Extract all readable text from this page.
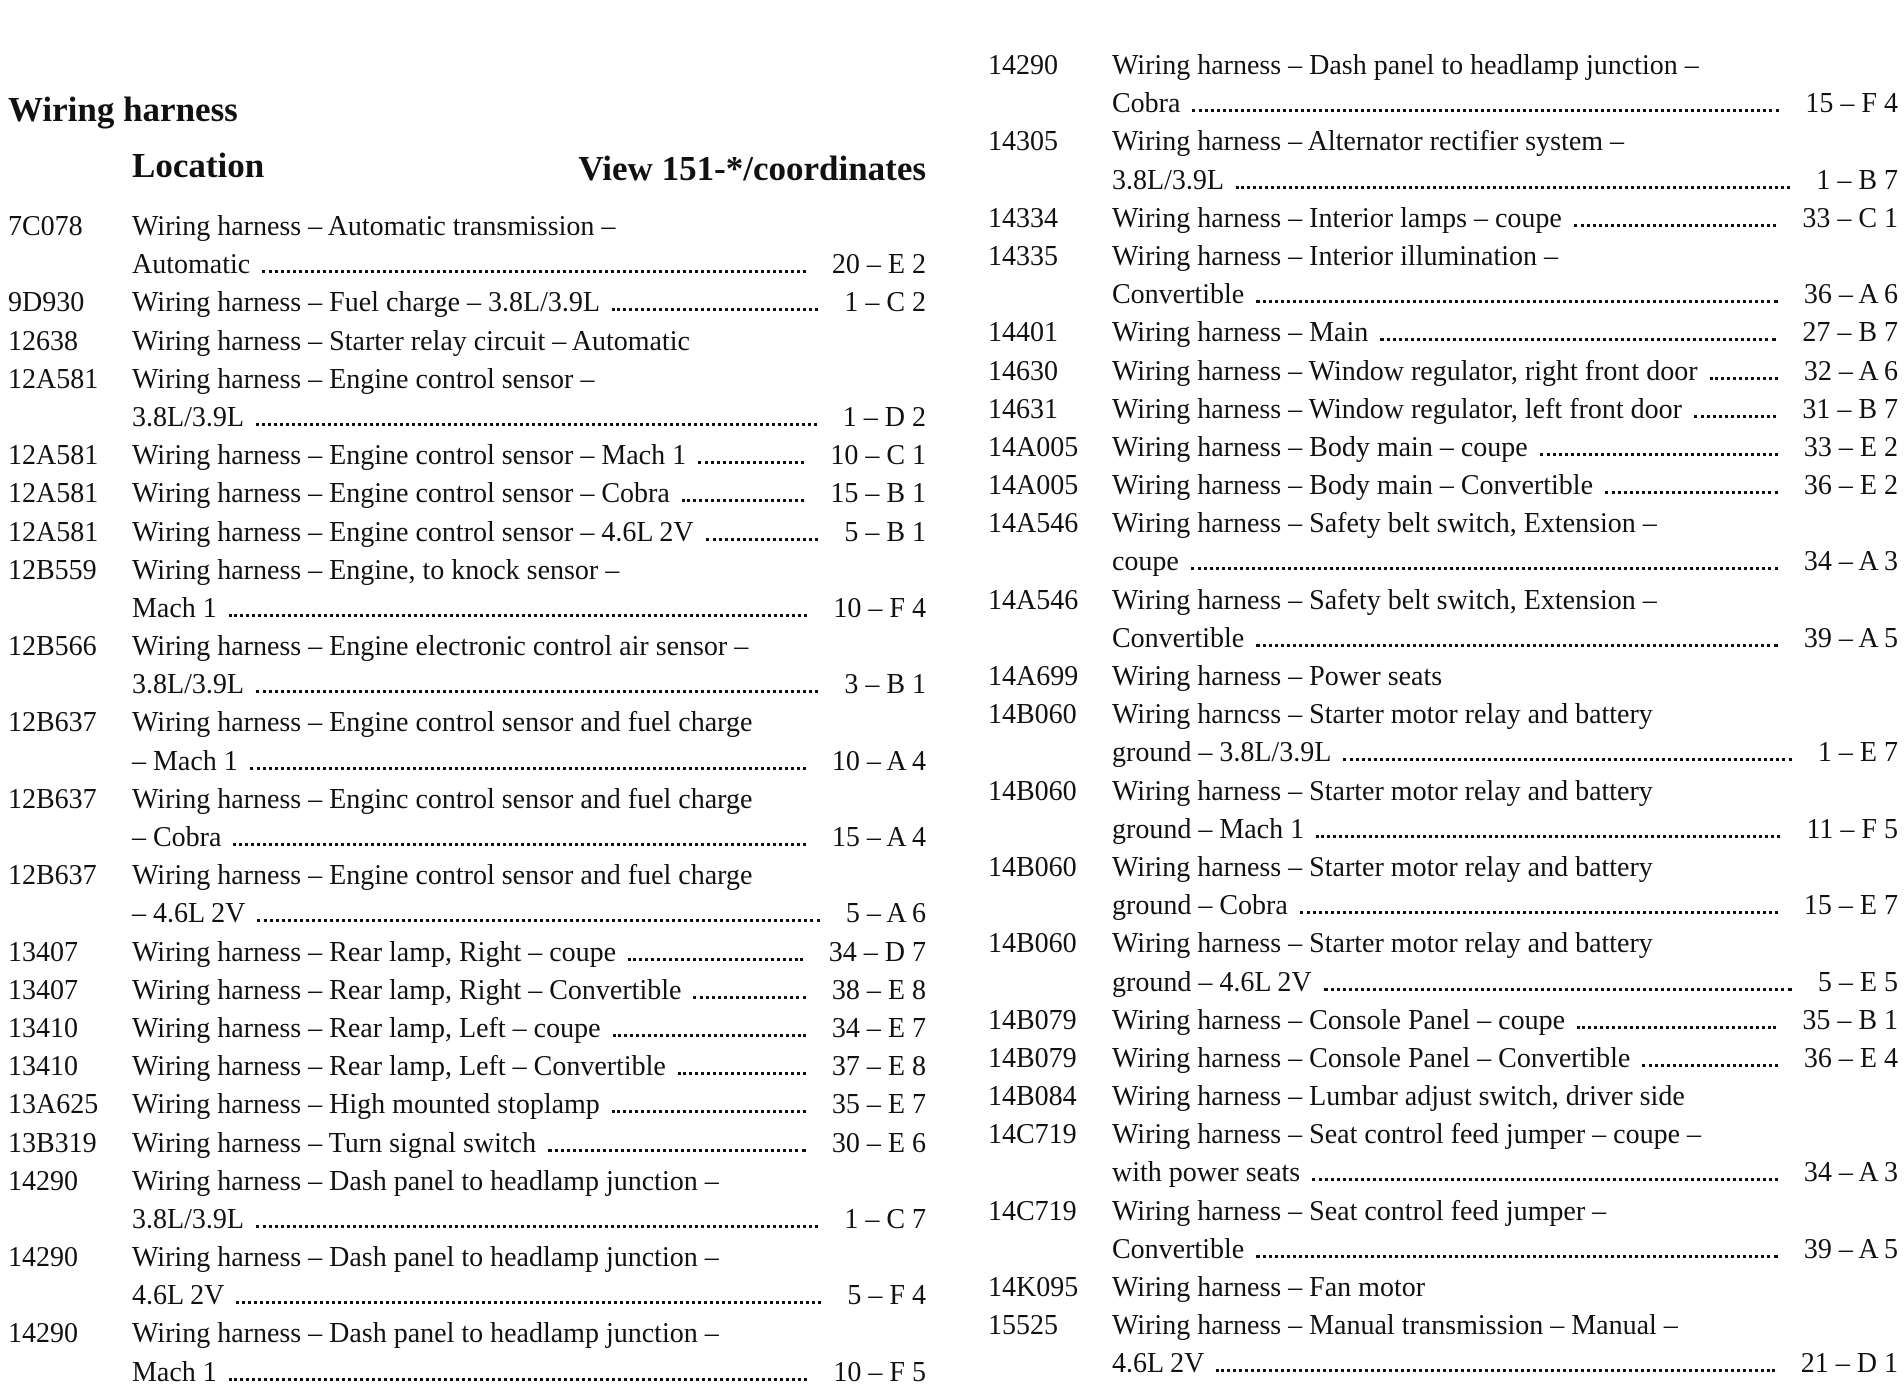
Wiring harness
Location	View 151-*/coordinates
7C078 Wiring harness – Automatic transmission –
Automatic	20 – E 2
9D930 Wiring harness – Fuel charge – 3.8L/3.9L	1 – C 2
12638 Wiring harness – Starter relay circuit – Automatic
12A581 Wiring harness – Engine control sensor –
3.8L/3.9L	1 – D 2
12A581 Wiring harness – Engine control sensor – Mach 1	10 – C 1
12A581 Wiring harness – Engine control sensor – Cobra	15 – B 1
12A581 Wiring harness – Engine control sensor – 4.6L 2V	5 – B 1
12B559 Wiring harness – Engine, to knock sensor –
Mach 1	10 – F 4
12B566 Wiring harness – Engine electronic control air sensor –
3.8L/3.9L	3 – B 1
12B637 Wiring harness – Engine control sensor and fuel charge
– Mach 1	10 – A 4
12B637 Wiring harness – Enginc control sensor and fuel charge
– Cobra	15 – A 4
12B637 Wiring harness – Engine control sensor and fuel charge
– 4.6L 2V	5 – A 6
13407 Wiring harness – Rear lamp, Right – coupe	34 – D 7
13407 Wiring harness – Rear lamp, Right – Convertible	38 – E 8
13410 Wiring harness – Rear lamp, Left – coupe	34 – E 7
13410 Wiring harness – Rear lamp, Left – Convertible	37 – E 8
13A625 Wiring harness – High mounted stoplamp	35 – E 7
13B319 Wiring harness – Turn signal switch	30 – E 6
14290 Wiring harness – Dash panel to headlamp junction –
3.8L/3.9L	1 – C 7
14290 Wiring harness – Dash panel to headlamp junction –
4.6L 2V	5 – F 4
14290 Wiring harness – Dash panel to headlamp junction –
Mach 1	10 – F 5
14290 Wiring harness – Dash panel to headlamp junction –
Cobra	15 – F 4
14305 Wiring harness – Alternator rectifier system –
3.8L/3.9L	1 – B 7
14334 Wiring harness – Interior lamps – coupe	33 – C 1
14335 Wiring harness – Interior illumination –
Convertible	36 – A 6
14401 Wiring harness – Main	27 – B 7
14630 Wiring harness – Window regulator, right front door	32 – A 6
14631 Wiring harness – Window regulator, left front door	31 – B 7
14A005 Wiring harness – Body main – coupe	33 – E 2
14A005 Wiring harness – Body main – Convertible	36 – E 2
14A546 Wiring harness – Safety belt switch, Extension –
coupe	34 – A 3
14A546 Wiring harness – Safety belt switch, Extension –
Convertible	39 – A 5
14A699 Wiring harness – Power seats
14B060 Wiring harncss – Starter motor relay and battery
ground – 3.8L/3.9L	1 – E 7
14B060 Wiring harness – Starter motor relay and battery
ground – Mach 1	11 – F 5
14B060 Wiring harness – Starter motor relay and battery
ground – Cobra	15 – E 7
14B060 Wiring harness – Starter motor relay and battery
ground – 4.6L 2V	5 – E 5
14B079 Wiring harness – Console Panel – coupe	35 – B 1
14B079 Wiring harness – Console Panel – Convertible	36 – E 4
14B084 Wiring harness – Lumbar adjust switch, driver side
14C719 Wiring harness – Seat control feed jumper – coupe –
with power seats	34 – A 3
14C719 Wiring harness – Seat control feed jumper –
Convertible	39 – A 5
14K095 Wiring harness – Fan motor
15525 Wiring harness – Manual transmission – Manual –
4.6L 2V	21 – D 1
